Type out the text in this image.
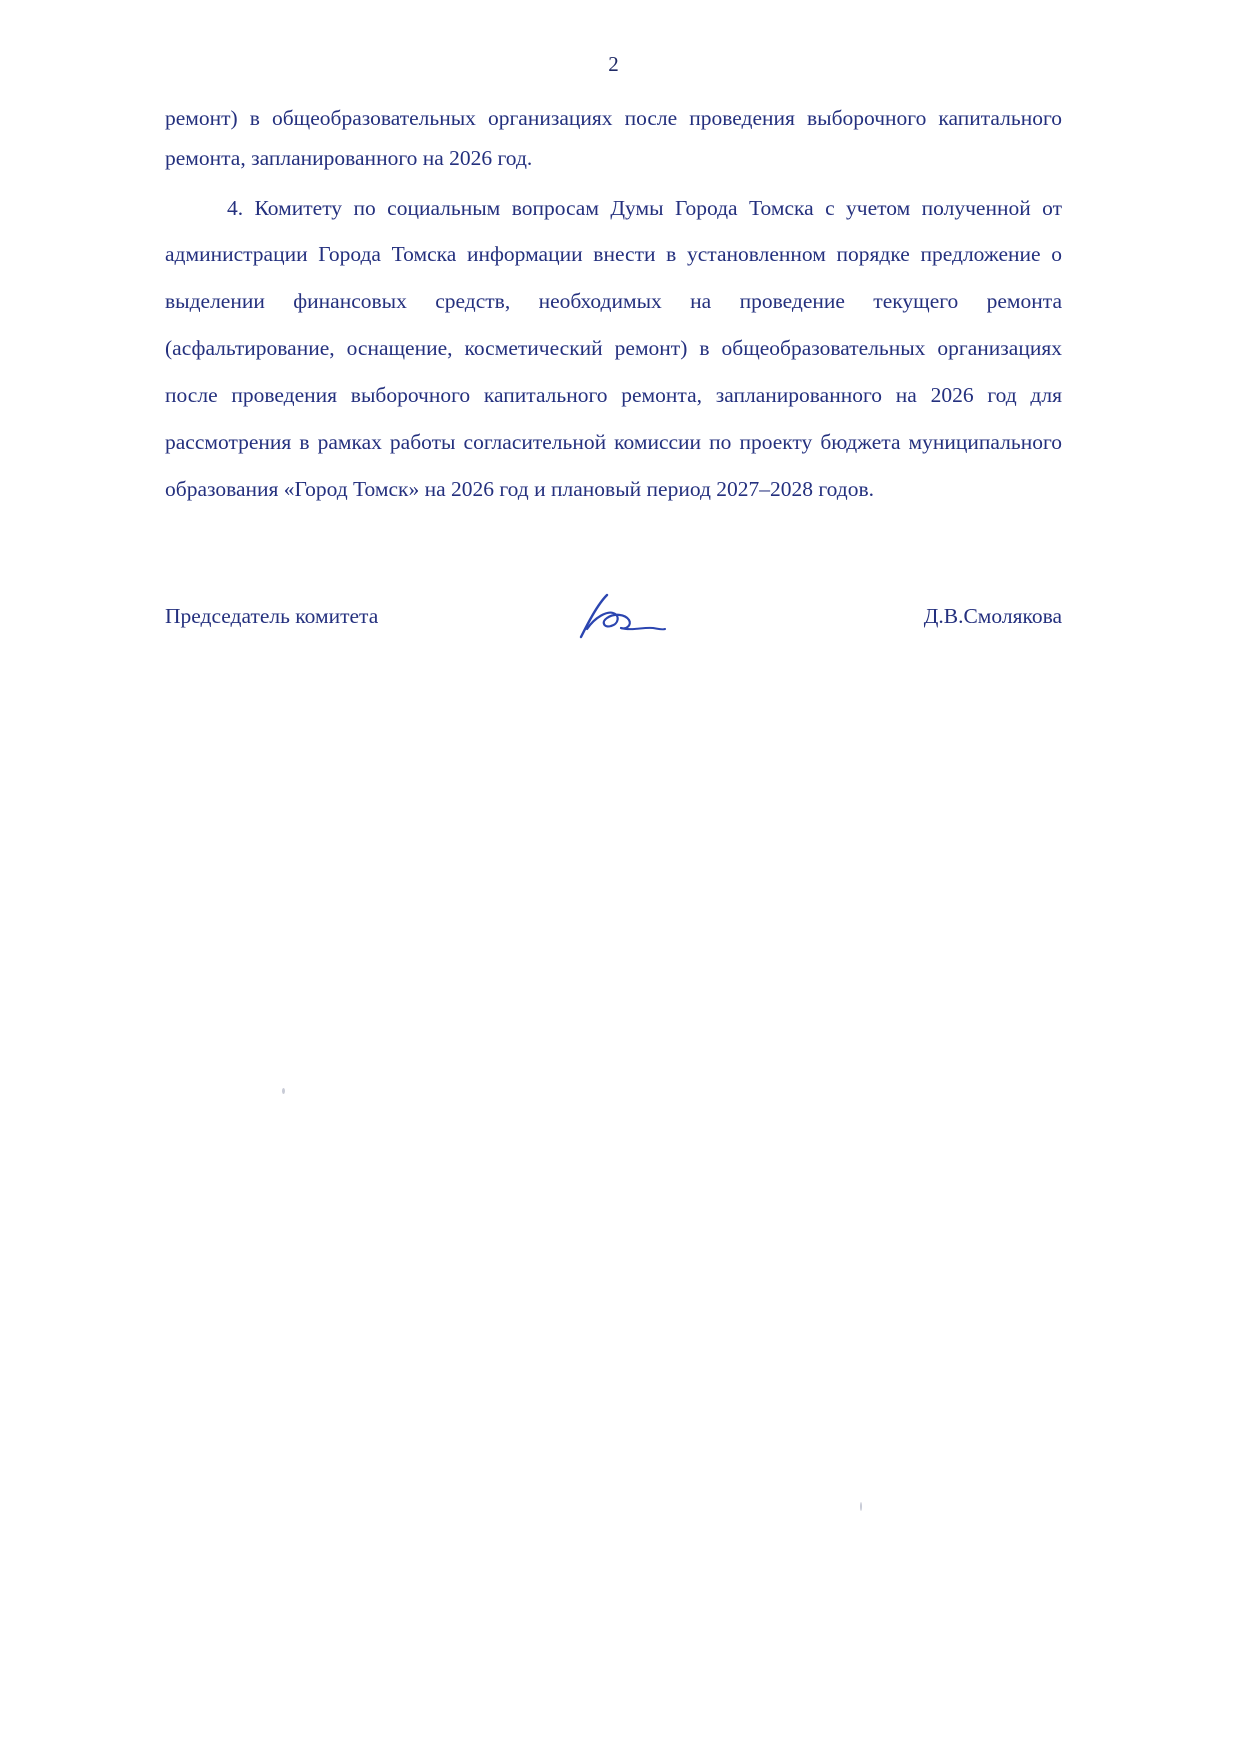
2

ремонт) в общеобразовательных организациях после проведения выборочного капитального ремонта, запланированного на 2026 год.

4. Комитету по социальным вопросам Думы Города Томска с учетом полученной от администрации Города Томска информации внести в установленном порядке предложение о выделении финансовых средств, необходимых на проведение текущего ремонта (асфальтирование, оснащение, косметический ремонт) в общеобразовательных организациях после проведения выборочного капитального ремонта, запланированного на 2026 год для рассмотрения в рамках работы согласительной комиссии по проекту бюджета муниципального образования «Город Томск» на 2026 год и плановый период 2027–2028 годов.

Председатель комитета	Д.В.Смолякова
